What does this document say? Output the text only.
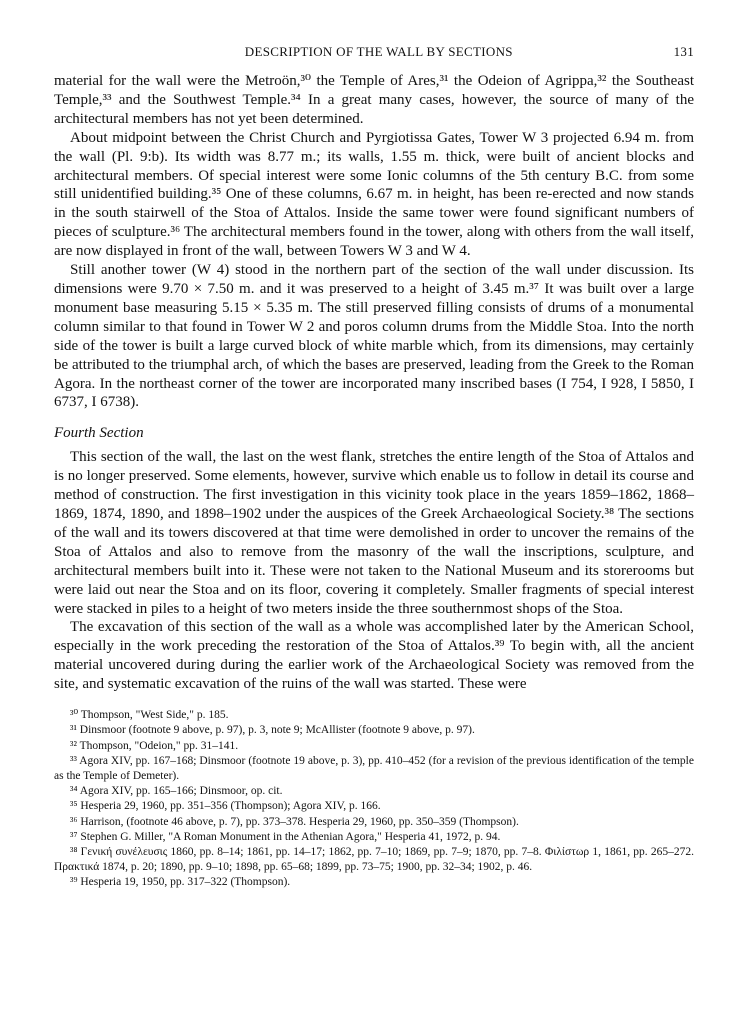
DESCRIPTION OF THE WALL BY SECTIONS	131

material for the wall were the Metroön,³⁰ the Temple of Ares,³¹ the Odeion of Agrippa,³² the Southeast Temple,³³ and the Southwest Temple.³⁴ In a great many cases, however, the source of many of the architectural members has not yet been determined.

About midpoint between the Christ Church and Pyrgiotissa Gates, Tower W 3 projected 6.94 m. from the wall (Pl. 9:b). Its width was 8.77 m.; its walls, 1.55 m. thick, were built of ancient blocks and architectural members. Of special interest were some Ionic columns of the 5th century B.C. from some still unidentified building.³⁵ One of these columns, 6.67 m. in height, has been re-erected and now stands in the south stairwell of the Stoa of Attalos. Inside the same tower were found significant numbers of pieces of sculpture.³⁶ The architectural members found in the tower, along with others from the wall itself, are now displayed in front of the wall, between Towers W 3 and W 4.

Still another tower (W 4) stood in the northern part of the section of the wall under discussion. Its dimensions were 9.70 × 7.50 m. and it was preserved to a height of 3.45 m.³⁷ It was built over a large monument base measuring 5.15 × 5.35 m. The still preserved filling consists of drums of a monumental column similar to that found in Tower W 2 and poros column drums from the Middle Stoa. Into the north side of the tower is built a large curved block of white marble which, from its dimensions, may certainly be attributed to the triumphal arch, of which the bases are preserved, leading from the Greek to the Roman Agora. In the northeast corner of the tower are incorporated many inscribed bases (I 754, I 928, I 5850, I 6737, I 6738).

Fourth Section

This section of the wall, the last on the west flank, stretches the entire length of the Stoa of Attalos and is no longer preserved. Some elements, however, survive which enable us to follow in detail its course and method of construction. The first investigation in this vicinity took place in the years 1859–1862, 1868–1869, 1874, 1890, and 1898–1902 under the auspices of the Greek Archaeological Society.³⁸ The sections of the wall and its towers discovered at that time were demolished in order to uncover the remains of the Stoa of Attalos and also to remove from the masonry of the wall the inscriptions, sculpture, and architectural members built into it. These were not taken to the National Museum and its storerooms but were laid out near the Stoa and on its floor, covering it completely. Smaller fragments of special interest were stacked in piles to a height of two meters inside the three southernmost shops of the Stoa.

The excavation of this section of the wall as a whole was accomplished later by the American School, especially in the work preceding the restoration of the Stoa of Attalos.³⁹ To begin with, all the ancient material uncovered during during the earlier work of the Archaeological Society was removed from the site, and systematic excavation of the ruins of the wall was started. These were

³⁰ Thompson, "West Side," p. 185.

³¹ Dinsmoor (footnote 9 above, p. 97), p. 3, note 9; McAllister (footnote 9 above, p. 97).

³² Thompson, "Odeion," pp. 31–141.

³³ Agora XIV, pp. 167–168; Dinsmoor (footnote 19 above, p. 3), pp. 410–452 (for a revision of the previous identification of the temple as the Temple of Demeter).

³⁴ Agora XIV, pp. 165–166; Dinsmoor, op. cit.

³⁵ Hesperia 29, 1960, pp. 351–356 (Thompson); Agora XIV, p. 166.

³⁶ Harrison, (footnote 46 above, p. 7), pp. 373–378. Hesperia 29, 1960, pp. 350–359 (Thompson).

³⁷ Stephen G. Miller, "A Roman Monument in the Athenian Agora," Hesperia 41, 1972, p. 94.

³⁸ Γενική συνέλευσις 1860, pp. 8–14; 1861, pp. 14–17; 1862, pp. 7–10; 1869, pp. 7–9; 1870, pp. 7–8. Φιλίστωρ 1, 1861, pp. 265–272. Πρακτικά 1874, p. 20; 1890, pp. 9–10; 1898, pp. 65–68; 1899, pp. 73–75; 1900, pp. 32–34; 1902, p. 46.

³⁹ Hesperia 19, 1950, pp. 317–322 (Thompson).
